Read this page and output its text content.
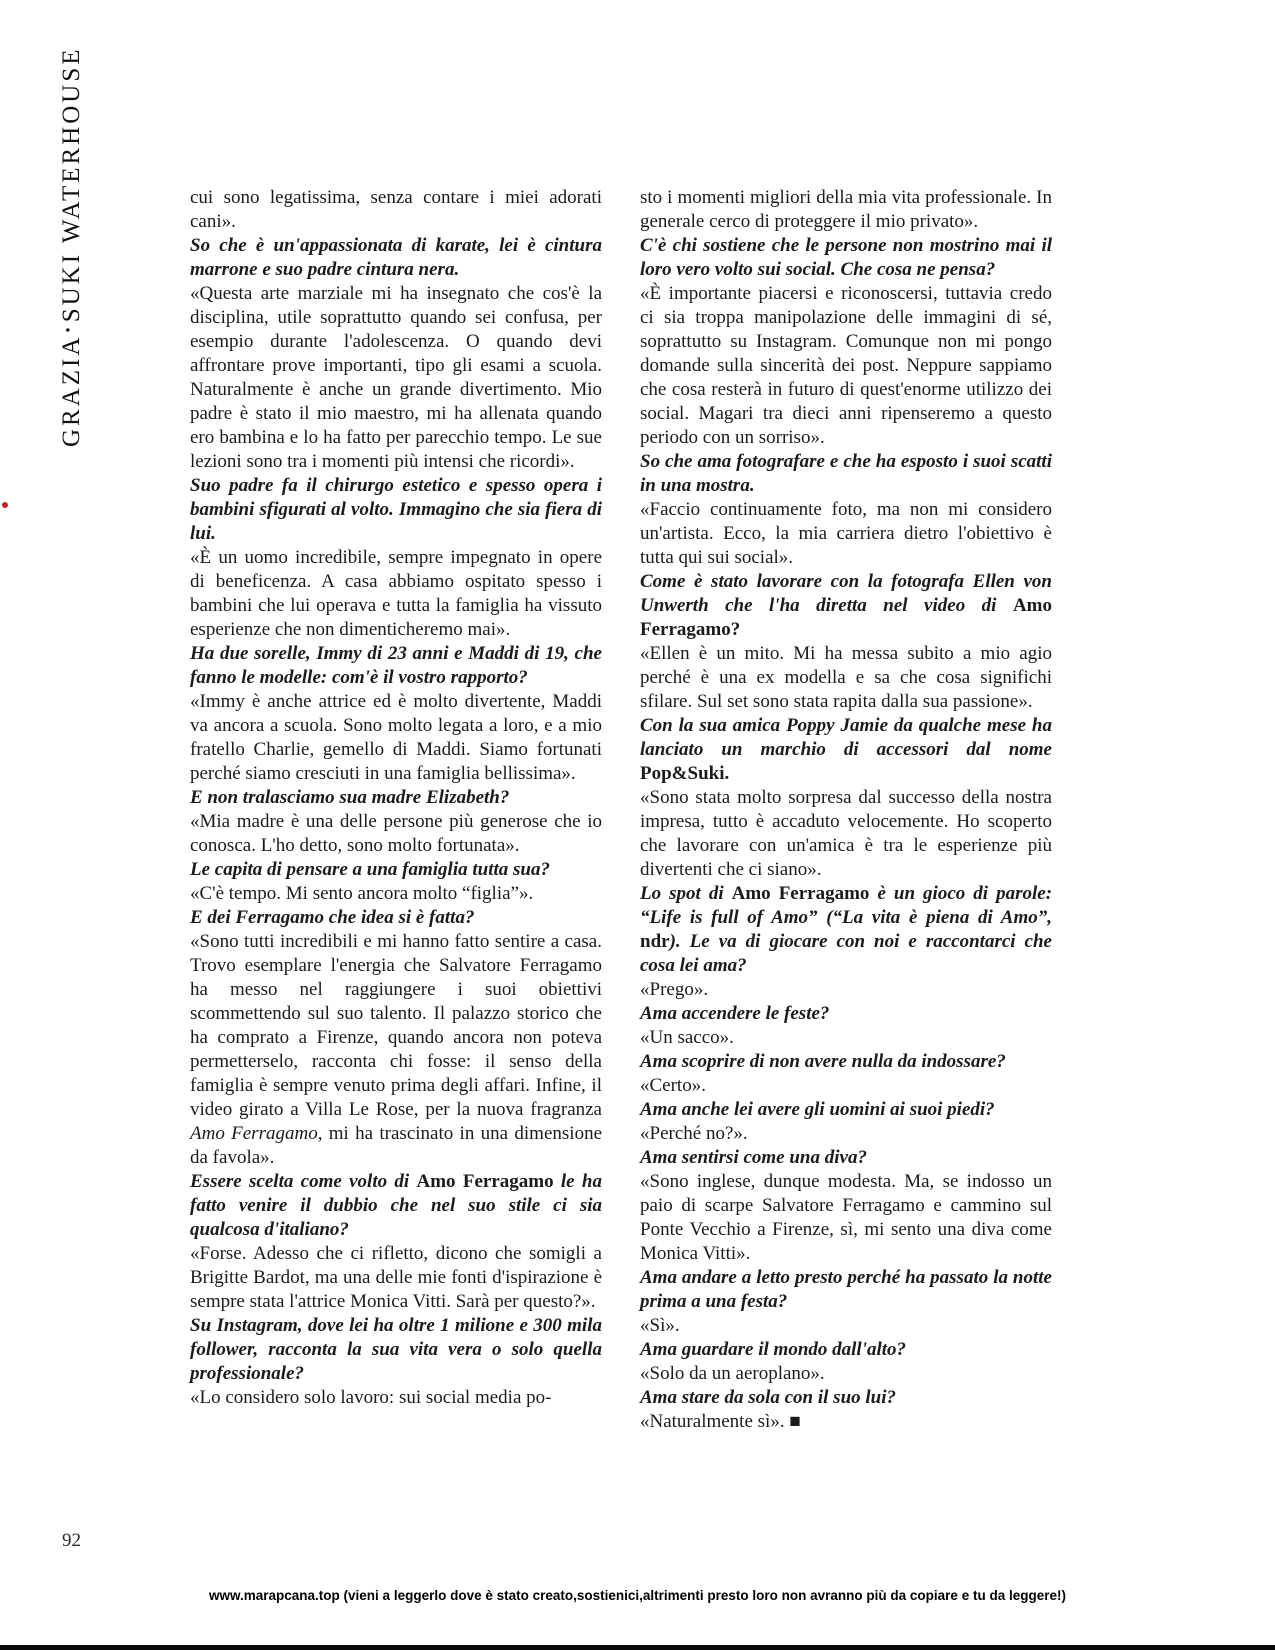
GRAZIA•SUKI WATERHOUSE	cui sono legatissima, senza contare i miei adorati cani».

So che è un'appassionata di karate, lei è cintura marrone e suo padre cintura nera.

«Questa arte marziale mi ha insegnato che cos'è la disciplina, utile soprattutto quando sei confusa, per esempio durante l'adolescenza. O quando devi affrontare prove importanti, tipo gli esami a scuola. Naturalmente è anche un grande divertimento. Mio padre è stato il mio maestro, mi ha allenata quando ero bambina e lo ha fatto per parecchio tempo. Le sue lezioni sono tra i momenti più intensi che ricordi».

Suo padre fa il chirurgo estetico e spesso opera i bambini sfigurati al volto. Immagino che sia fiera di lui.

«È un uomo incredibile, sempre impegnato in opere di beneficenza. A casa abbiamo ospitato spesso i bambini che lui operava e tutta la famiglia ha vissuto esperienze che non dimenticheremo mai».

Ha due sorelle, Immy di 23 anni e Maddi di 19, che fanno le modelle: com'è il vostro rapporto?

«Immy è anche attrice ed è molto divertente, Maddi va ancora a scuola. Sono molto legata a loro, e a mio fratello Charlie, gemello di Maddi. Siamo fortunati perché siamo cresciuti in una famiglia bellissima».

E non tralasciamo sua madre Elizabeth?

«Mia madre è una delle persone più generose che io conosca. L'ho detto, sono molto fortunata».

Le capita di pensare a una famiglia tutta sua?

«C'è tempo. Mi sento ancora molto “figlia”».

E dei Ferragamo che idea si è fatta?

«Sono tutti incredibili e mi hanno fatto sentire a casa. Trovo esemplare l'energia che Salvatore Ferragamo ha messo nel raggiungere i suoi obiettivi scommettendo sul suo talento. Il palazzo storico che ha comprato a Firenze, quando ancora non poteva permetterselo, racconta chi fosse: il senso della famiglia è sempre venuto prima degli affari. Infine, il video girato a Villa Le Rose, per la nuova fragranza Amo Ferragamo, mi ha trascinato in una dimensione da favola».

Essere scelta come volto di Amo Ferragamo le ha fatto venire il dubbio che nel suo stile ci sia qualcosa d'italiano?

«Forse. Adesso che ci rifletto, dicono che somigli a Brigitte Bardot, ma una delle mie fonti d'ispirazione è sempre stata l'attrice Monica Vitti. Sarà per questo?».

Su Instagram, dove lei ha oltre 1 milione e 300 mila follower, racconta la sua vita vera o solo quella professionale?

«Lo considero solo lavoro: sui social media po-

sto i momenti migliori della mia vita professionale. In generale cerco di proteggere il mio privato».

C'è chi sostiene che le persone non mostrino mai il loro vero volto sui social. Che cosa ne pensa?

«È importante piacersi e riconoscersi, tuttavia credo ci sia troppa manipolazione delle immagini di sé, soprattutto su Instagram. Comunque non mi pongo domande sulla sincerità dei post. Neppure sappiamo che cosa resterà in futuro di quest'enorme utilizzo dei social. Magari tra dieci anni ripenseremo a questo periodo con un sorriso».

So che ama fotografare e che ha esposto i suoi scatti in una mostra.

«Faccio continuamente foto, ma non mi considero un'artista. Ecco, la mia carriera dietro l'obiettivo è tutta qui sui social».

Come è stato lavorare con la fotografa Ellen von Unwerth che l'ha diretta nel video di Amo Ferragamo?

«Ellen è un mito. Mi ha messa subito a mio agio perché è una ex modella e sa che cosa significhi sfilare. Sul set sono stata rapita dalla sua passione».

Con la sua amica Poppy Jamie da qualche mese ha lanciato un marchio di accessori dal nome Pop&Suki.

«Sono stata molto sorpresa dal successo della nostra impresa, tutto è accaduto velocemente. Ho scoperto che lavorare con un'amica è tra le esperienze più divertenti che ci siano».

Lo spot di Amo Ferragamo è un gioco di parole: “Life is full of Amo” (“La vita è piena di Amo”, ndr). Le va di giocare con noi e raccontarci che cosa lei ama?

«Prego».

Ama accendere le feste?

«Un sacco».

Ama scoprire di non avere nulla da indossare?

«Certo».

Ama anche lei avere gli uomini ai suoi piedi?

«Perché no?».

Ama sentirsi come una diva?

«Sono inglese, dunque modesta. Ma, se indosso un paio di scarpe Salvatore Ferragamo e cammino sul Ponte Vecchio a Firenze, sì, mi sento una diva come Monica Vitti».

Ama andare a letto presto perché ha passato la notte prima a una festa?

«Sì».

Ama guardare il mondo dall'alto?

«Solo da un aeroplano».

Ama stare da sola con il suo lui?

«Naturalmente sì». ■

92
www.marapcana.top (vieni a leggerlo dove è stato creato,sostienici,altrimenti presto loro non avranno più da copiare e tu da leggere!)
